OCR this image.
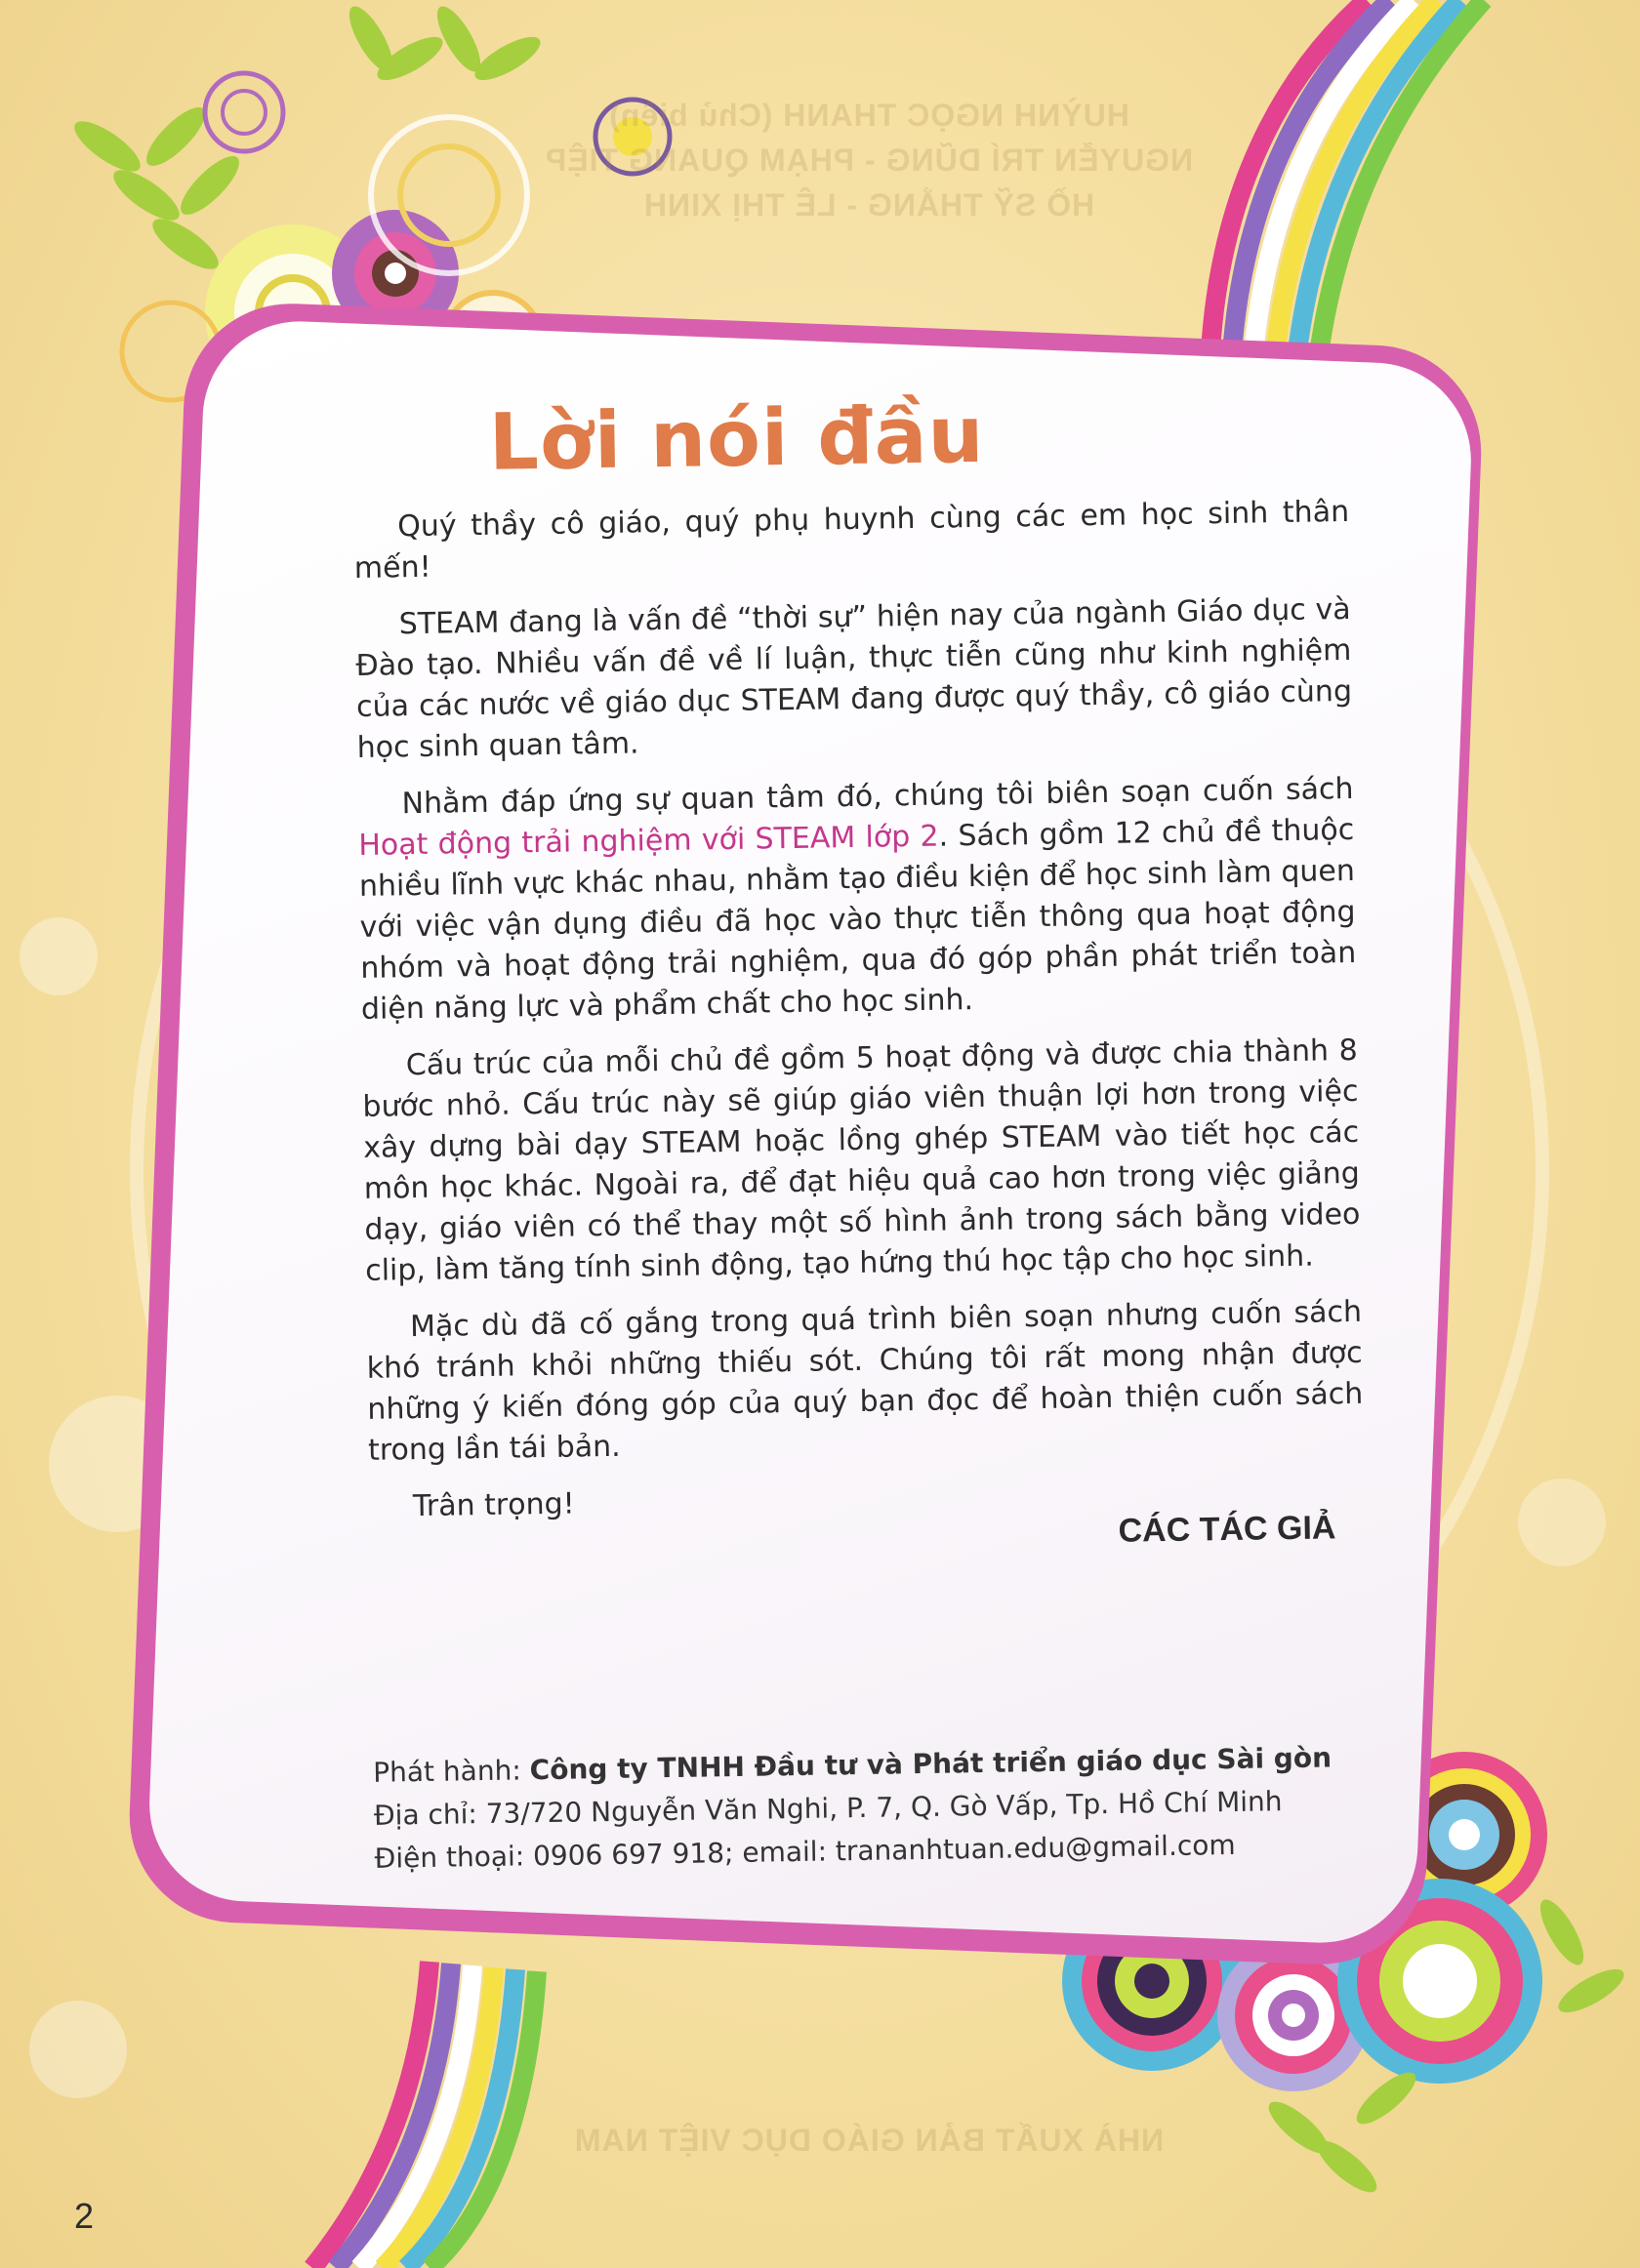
HUỲNH NGỌC THANH (Chủ biên)
NGUYỄN TRÍ DŨNG - PHẠM QUANG TIỆP
HỒ SỸ THẮNG - LÊ THỊ XINH
NHÀ XUẤT BẢN GIÁO DỤC VIỆT NAM
Lời nói đầu

Quý thầy cô giáo, quý phụ huynh cùng các em học sinh thân mến!

STEAM đang là vấn đề “thời sự” hiện nay của ngành Giáo dục và Đào tạo. Nhiều vấn đề về lí luận, thực tiễn cũng như kinh nghiệm của các nước về giáo dục STEAM đang được quý thầy, cô giáo cùng học sinh quan tâm.

Nhằm đáp ứng sự quan tâm đó, chúng tôi biên soạn cuốn sách Hoạt động trải nghiệm với STEAM lớp 2. Sách gồm 12 chủ đề thuộc nhiều lĩnh vực khác nhau, nhằm tạo điều kiện để học sinh làm quen với việc vận dụng điều đã học vào thực tiễn thông qua hoạt động nhóm và hoạt động trải nghiệm, qua đó góp phần phát triển toàn diện năng lực và phẩm chất cho học sinh.

Cấu trúc của mỗi chủ đề gồm 5 hoạt động và được chia thành 8 bước nhỏ. Cấu trúc này sẽ giúp giáo viên thuận lợi hơn trong việc xây dựng bài dạy STEAM hoặc lồng ghép STEAM vào tiết học các môn học khác. Ngoài ra, để đạt hiệu quả cao hơn trong việc giảng dạy, giáo viên có thể thay một số hình ảnh trong sách bằng video clip, làm tăng tính sinh động, tạo hứng thú học tập cho học sinh.

Mặc dù đã cố gắng trong quá trình biên soạn nhưng cuốn sách khó tránh khỏi những thiếu sót. Chúng tôi rất mong nhận được những ý kiến đóng góp của quý bạn đọc để hoàn thiện cuốn sách trong lần tái bản.

Trân trọng!
CÁC TÁC GIẢ
Phát hành: Công ty TNHH Đầu tư và Phát triển giáo dục Sài gòn
Địa chỉ: 73/720 Nguyễn Văn Nghi, P. 7, Q. Gò Vấp, Tp. Hồ Chí Minh
Điện thoại: 0906 697 918; email: trananhtuan.edu@gmail.com
2
